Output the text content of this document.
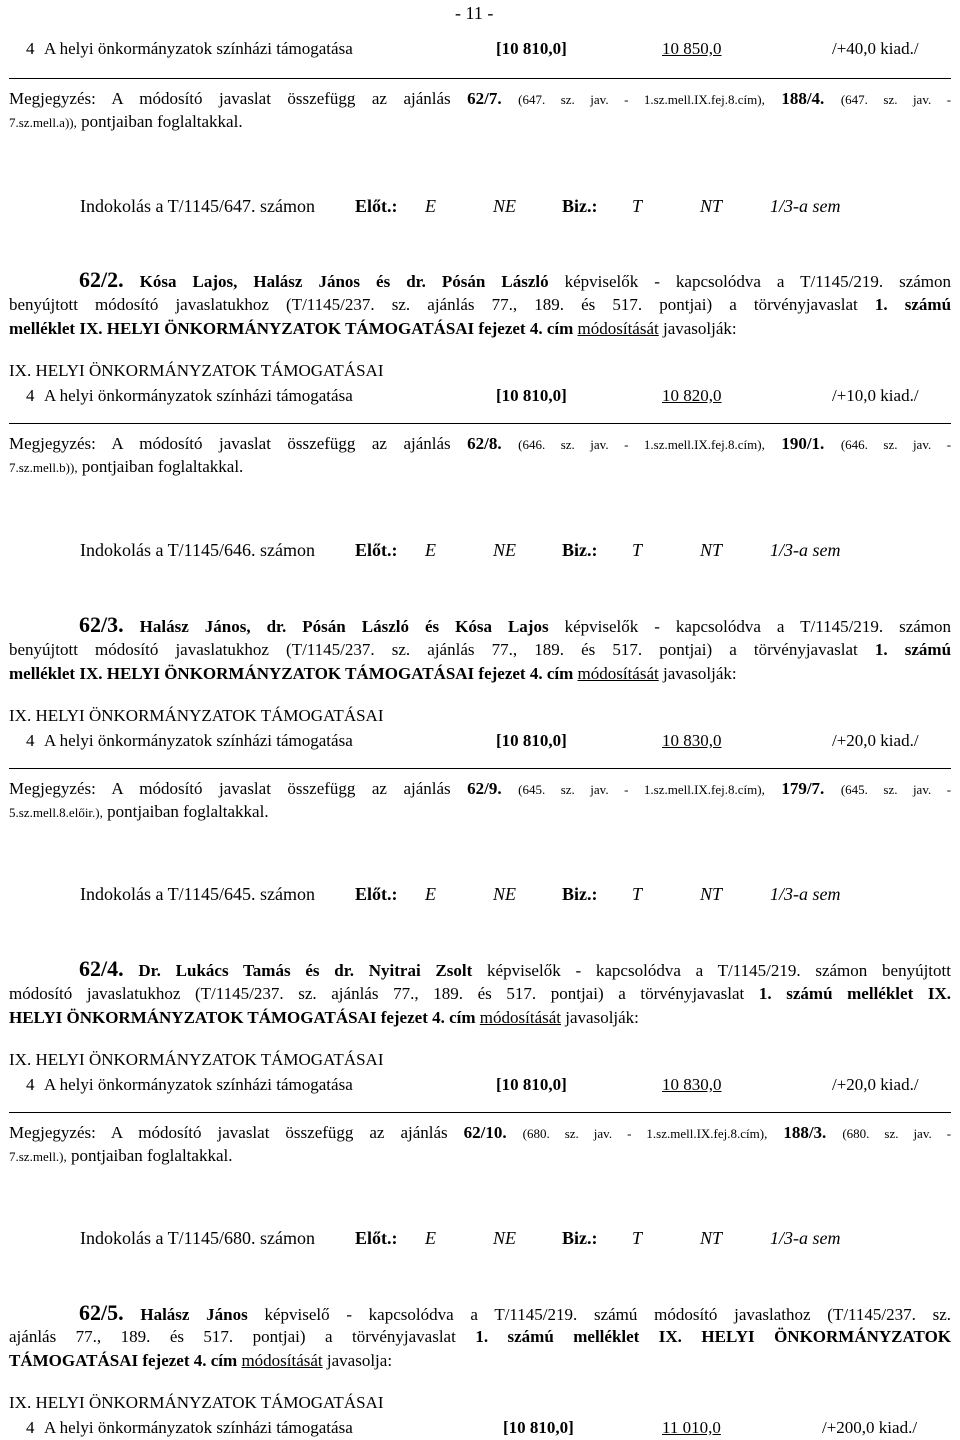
- 11 -
4 A helyi önkormányzatok színházi támogatása	[10 810,0]	10 850,0	/+40,0 kiad./
Megjegyzés: A módosító javaslat összefügg az ajánlás 62/7. (647. sz. jav. - 1.sz.mell.IX.fej.8.cím), 188/4. (647. sz. jav. -
7.sz.mell.a)), pontjaiban foglaltakkal.
Indokolás a T/1145/647. számon Előt.: E	NE	Biz.: T	NT	1/3-a sem
62/2. Kósa Lajos, Halász János és dr. Pósán László képviselők - kapcsolódva a T/1145/219. számon
benyújtott módosító javaslatukhoz (T/1145/237. sz. ajánlás 77., 189. és 517. pontjai) a törvényjavaslat 1. számú
melléklet IX. HELYI ÖNKORMÁNYZATOK TÁMOGATÁSAI fejezet 4. cím módosítását javasolják:
IX. HELYI ÖNKORMÁNYZATOK TÁMOGATÁSAI
4 A helyi önkormányzatok színházi támogatása	[10 810,0]	10 820,0	/+10,0 kiad./
Megjegyzés: A módosító javaslat összefügg az ajánlás 62/8. (646. sz. jav. - 1.sz.mell.IX.fej.8.cím), 190/1. (646. sz. jav. -
7.sz.mell.b)), pontjaiban foglaltakkal.
Indokolás a T/1145/646. számon Előt.: E	NE	Biz.: T	NT	1/3-a sem
62/3. Halász János, dr. Pósán László és Kósa Lajos képviselők - kapcsolódva a T/1145/219. számon
benyújtott módosító javaslatukhoz (T/1145/237. sz. ajánlás 77., 189. és 517. pontjai) a törvényjavaslat 1. számú
melléklet IX. HELYI ÖNKORMÁNYZATOK TÁMOGATÁSAI fejezet 4. cím módosítását javasolják:
IX. HELYI ÖNKORMÁNYZATOK TÁMOGATÁSAI
4 A helyi önkormányzatok színházi támogatása	[10 810,0]	10 830,0	/+20,0 kiad./
Megjegyzés: A módosító javaslat összefügg az ajánlás 62/9. (645. sz. jav. - 1.sz.mell.IX.fej.8.cím), 179/7. (645. sz. jav. -
5.sz.mell.8.előir.), pontjaiban foglaltakkal.
Indokolás a T/1145/645. számon Előt.: E	NE	Biz.: T	NT	1/3-a sem
62/4. Dr. Lukács Tamás és dr. Nyitrai Zsolt képviselők - kapcsolódva a T/1145/219. számon benyújtott
módosító javaslatukhoz (T/1145/237. sz. ajánlás 77., 189. és 517. pontjai) a törvényjavaslat 1. számú melléklet IX.
HELYI ÖNKORMÁNYZATOK TÁMOGATÁSAI fejezet 4. cím módosítását javasolják:
IX. HELYI ÖNKORMÁNYZATOK TÁMOGATÁSAI
4 A helyi önkormányzatok színházi támogatása	[10 810,0]	10 830,0	/+20,0 kiad./
Megjegyzés: A módosító javaslat összefügg az ajánlás 62/10. (680. sz. jav. - 1.sz.mell.IX.fej.8.cím), 188/3. (680. sz. jav. -
7.sz.mell.), pontjaiban foglaltakkal.
Indokolás a T/1145/680. számon Előt.: E	NE	Biz.: T	NT	1/3-a sem
62/5. Halász János képviselő - kapcsolódva a T/1145/219. számú módosító javaslathoz (T/1145/237. sz.
ajánlás 77., 189. és 517. pontjai) a törvényjavaslat 1. számú melléklet IX. HELYI ÖNKORMÁNYZATOK
TÁMOGATÁSAI fejezet 4. cím módosítását javasolja:
IX. HELYI ÖNKORMÁNYZATOK TÁMOGATÁSAI
4 A helyi önkormányzatok színházi támogatása	[10 810,0]	11 010,0	/+200,0 kiad./
